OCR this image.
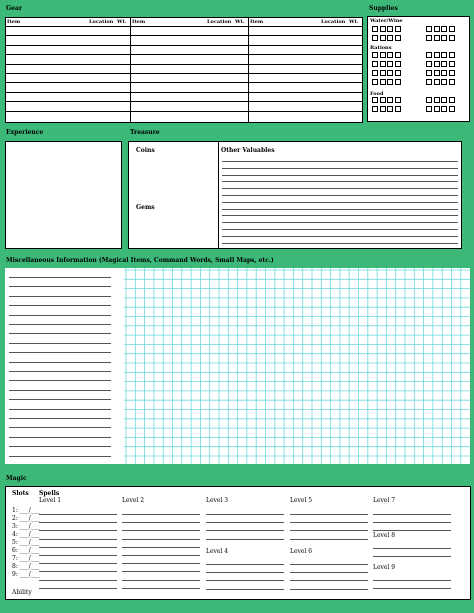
Gear
Item	Location Wt.	Item	Location Wt.	Item	Location Wt.
Supplies
Water/Wine
Rations
Food
Experience	Treasure
Coins
Gems
Other Valuables
Miscellaneous Information (Magical Items, Command Words, Small Maps, etc.)
Magic
Slots Spells
Level 1	Level 2	Level 3	Level 5	Level 7
Level 8
Level 4	Level 6
Level 9
Ability
1: ___/___
2: ___/___
3: ___/___
4: ___/___
5: ___/___
6: ___/___
7: ___/___
8: ___/___
9: ___/___
